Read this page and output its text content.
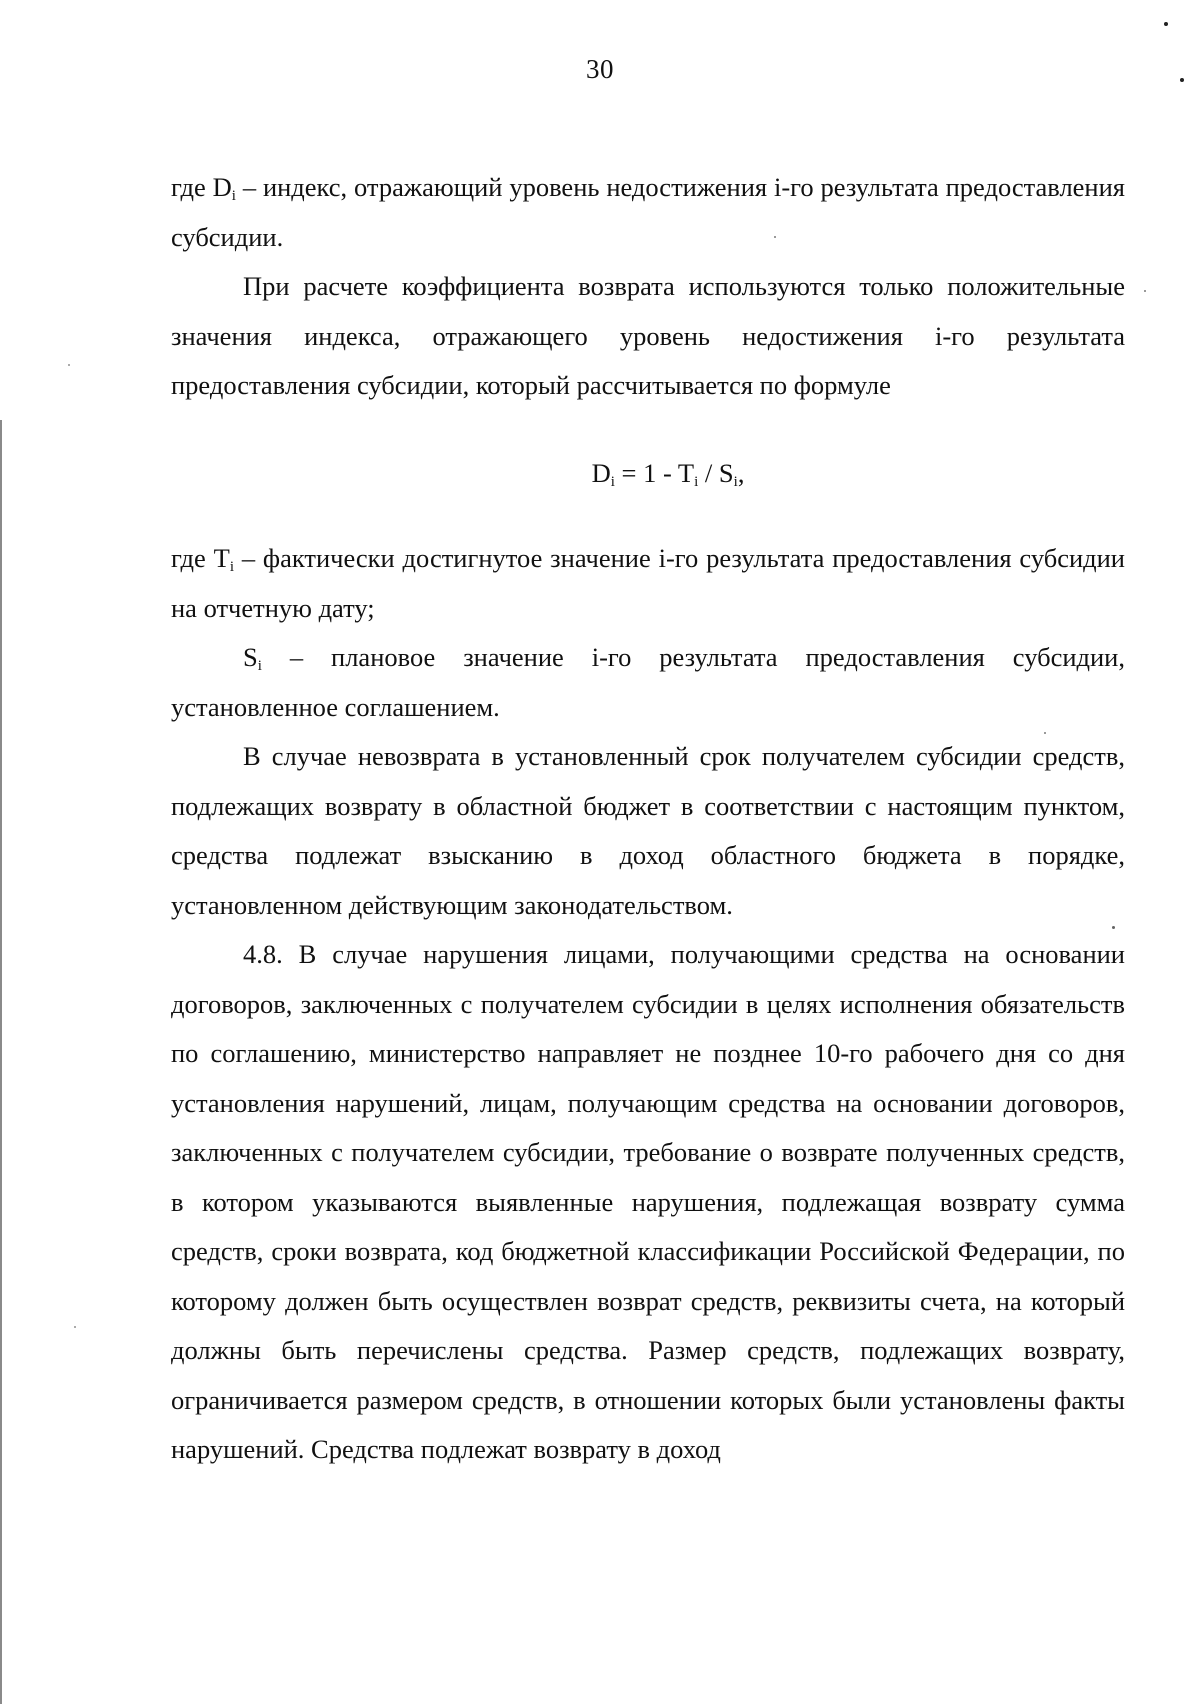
30

где $D_i$ – индекс, отражающий уровень недостижения i-го результата предоставления субсидии.

При расчете коэффициента возврата используются только положительные значения индекса, отражающего уровень недостижения i-го результата предоставления субсидии, который рассчитывается по формуле

$D_i = 1 - T_i / S_i$,

где $T_i$ – фактически достигнутое значение i-го результата предоставления субсидии на отчетную дату;

$S_i$ – плановое значение i-го результата предоставления субсидии, установленное соглашением.

В случае невозврата в установленный срок получателем субсидии средств, подлежащих возврату в областной бюджет в соответствии с настоящим пунктом, средства подлежат взысканию в доход областного бюджета в порядке, установленном действующим законодательством.

4.8. В случае нарушения лицами, получающими средства на основании договоров, заключенных с получателем субсидии в целях исполнения обязательств по соглашению, министерство направляет не позднее 10-го рабочего дня со дня установления нарушений, лицам, получающим средства на основании договоров, заключенных с получателем субсидии, требование о возврате полученных средств, в котором указываются выявленные нарушения, подлежащая возврату сумма средств, сроки возврата, код бюджетной классификации Российской Федерации, по которому должен быть осуществлен возврат средств, реквизиты счета, на который должны быть перечислены средства. Размер средств, подлежащих возврату, ограничивается размером средств, в отношении которых были установлены факты нарушений. Средства подлежат возврату в доход
